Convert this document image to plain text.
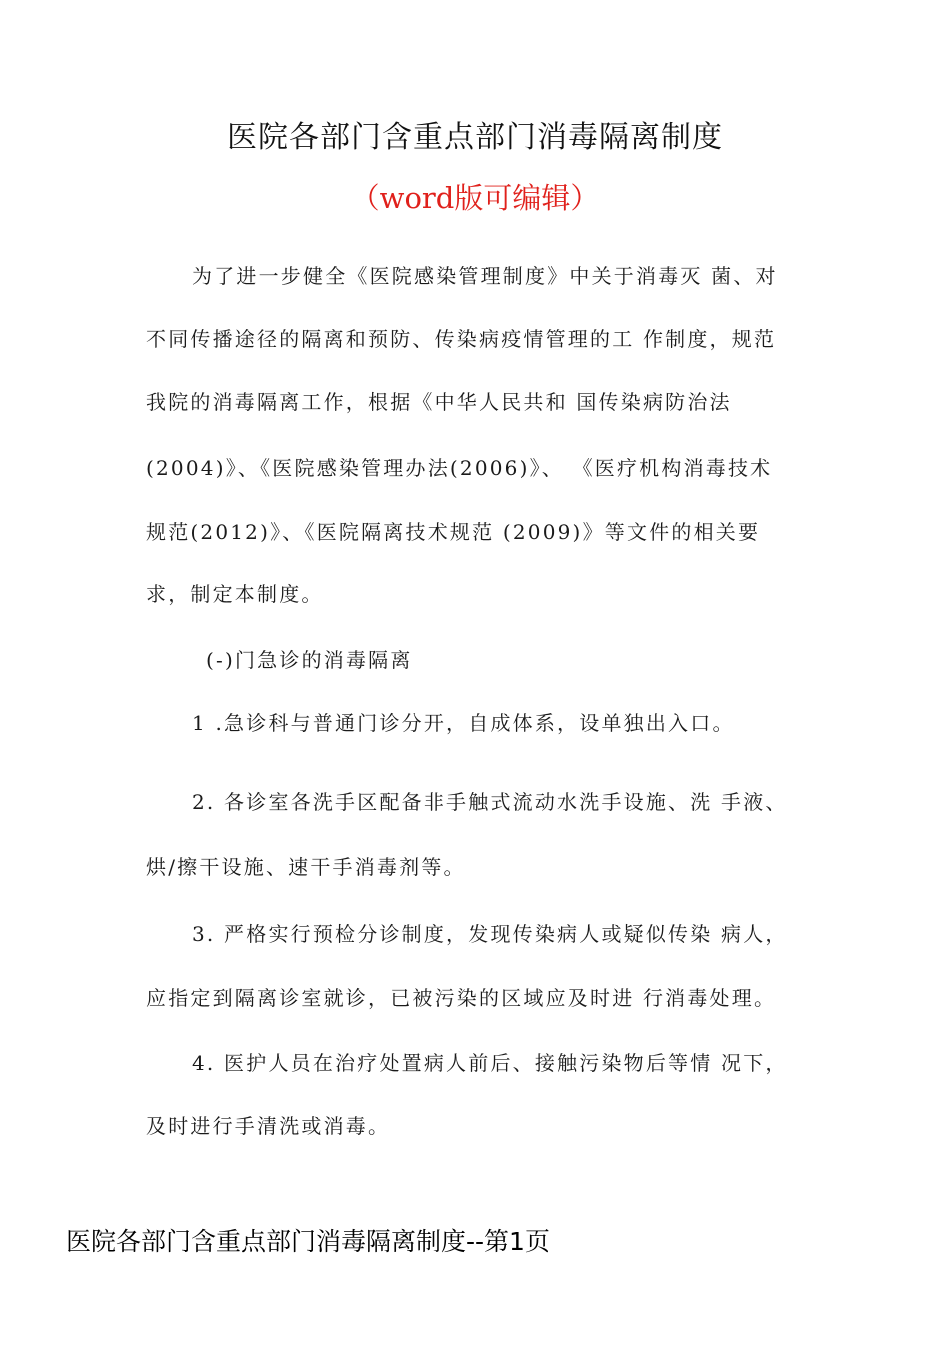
医院各部门含重点部门消毒隔离制度
（word版可编辑）
为了进一步健全《医院感染管理制度》中关于消毒灭 菌、对
不同传播途径的隔离和预防、传染病疫情管理的工 作制度，规范
我院的消毒隔离工作，根据《中华人民共和 国传染病防治法
(2004)》、《医院感染管理办法(2006)》、 《医疗机构消毒技术
规范(2012)》、《医院隔离技术规范 (2009)》等文件的相关要
求，制定本制度。
(-)门急诊的消毒隔离
1 .急诊科与普通门诊分开，自成体系，设单独出入口。
2. 各诊室各洗手区配备非手触式流动水洗手设施、洗 手液、
烘/擦干设施、速干手消毒剂等。
3. 严格实行预检分诊制度，发现传染病人或疑似传染 病人，
应指定到隔离诊室就诊，已被污染的区域应及时进 行消毒处理。
4. 医护人员在治疗处置病人前后、接触污染物后等情 况下，
及时进行手清洗或消毒。
医院各部门含重点部门消毒隔离制度--第1页
